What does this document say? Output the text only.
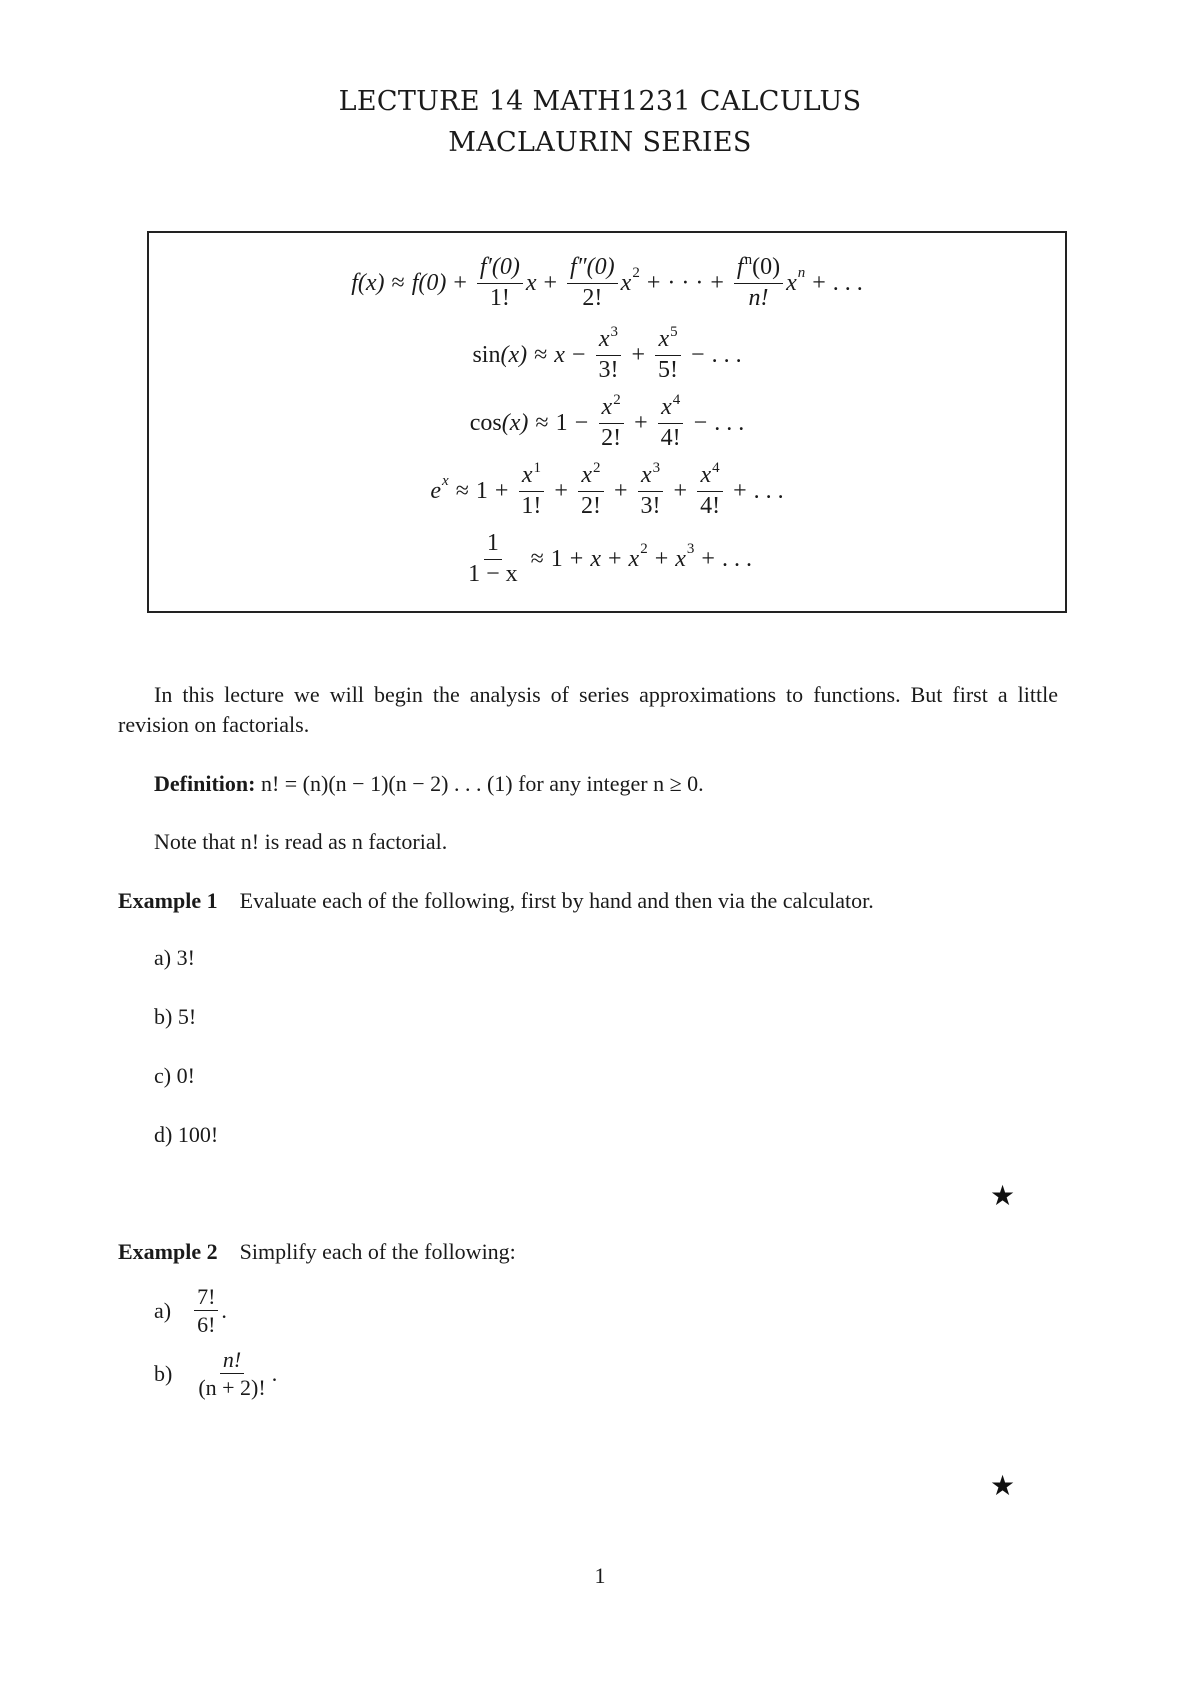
LECTURE 14 MATH1231 CALCULUS
MACLAURIN SERIES
$f(x) \approx f(0) + \frac{f'(0)}{1!}$ $x + \frac{f''(0)}{2!}$ x 2 + · · · + $\frac{f^n(0)}{n!}$ x n + . . .
$\sin (x) \approx x - \frac{x^3}{3!} + \frac{x^5}{5!}$ − . . .
$\cos (x) \approx 1 - \frac{x^2}{2!} + \frac{x^4}{4!}$ − . . .
e $x \approx 1 + \frac{x^1}{1!} + \frac{x^2}{2!} + \frac{x^3}{3!} + \frac{x^4}{4!}$ + . . .
$\frac{1}{1 - x} \approx 1 + x + x$ 2 + x 3 + . . .
In this lecture we will begin the analysis of series approximations to functions. But first a little revision on factorials.
Definition: n! = (n)(n − 1)(n − 2) . . . (1) for any integer n ≥ 0.
Note that n! is read as n factorial.
Example 1 Evaluate each of the following, first by hand and then via the calculator.
a) 3!
b) 5!
c) 0!
d) 100!
★
Example 2 Simplify each of the following:
$a) \frac{7!}{6!}$ .
$b) \frac{n!}{(n + 2)!}$ .
★
1
